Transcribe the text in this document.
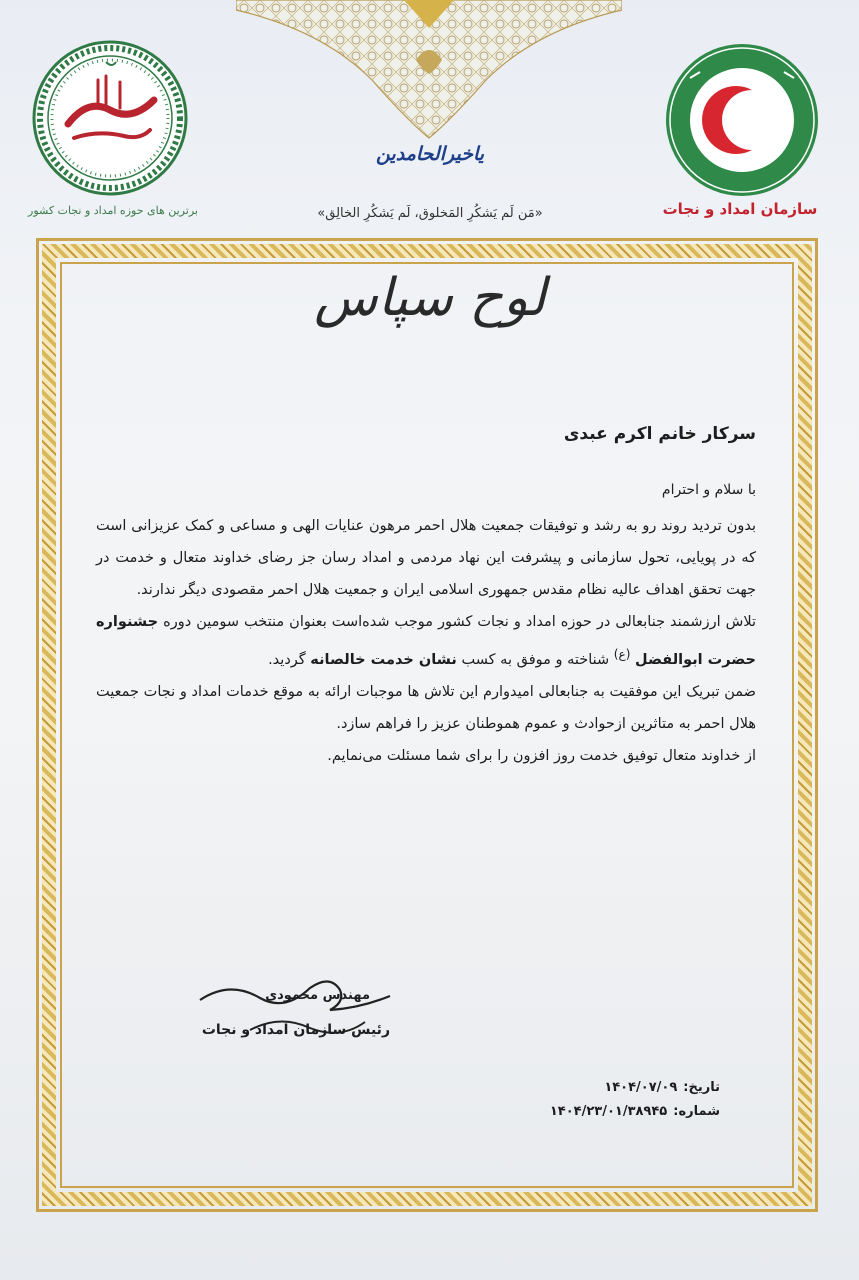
برترین های حوزه امداد و نجات کشور	سازمان امداد و نجات
یاخیرالحامدین
«مَن لَم یَشکُرِ المَخلوق، لَم یَشکُرِ الخالِق»
لوح سپاس
سرکار خانم اکرم عبدی
با سلام و احترام

بدون تردید روند رو به رشد و توفیقات جمعیت هلال احمر مرهون عنایات الهی و مساعی و کمک عزیزانی است که در پویایی، تحول سازمانی و پیشرفت این نهاد مردمی و امداد رسان جز رضای خداوند متعال و خدمت در جهت تحقق اهداف عالیه نظام مقدس جمهوری اسلامی ایران و جمعیت هلال احمر مقصودی دیگر ندارند.

تلاش ارزشمند جنابعالی در حوزه امداد و نجات کشور موجب شده‌است بعنوان منتخب سومین دوره جشنواره حضرت ابوالفضل $^{(ع)}$ شناخته و موفق به کسب نشان خدمت خالصانه گردید.

ضمن تبریک این موفقیت به جنابعالی امیدوارم این تلاش ها موجبات ارائه به موقع خدمات امداد و نجات جمعیت هلال احمر به متاثرین ازحوادث و عموم هموطنان عزیز را فراهم سازد.

از خداوند متعال توفیق خدمت روز افزون را برای شما مسئلت می‌نمایم.

مهندس محمودی
رئیس سازمان امداد و نجات
تاریخ:۱۴۰۴/۰۷/۰۹
شماره:۱۴۰۴/۲۳/۰۱/۳۸۹۴۵
